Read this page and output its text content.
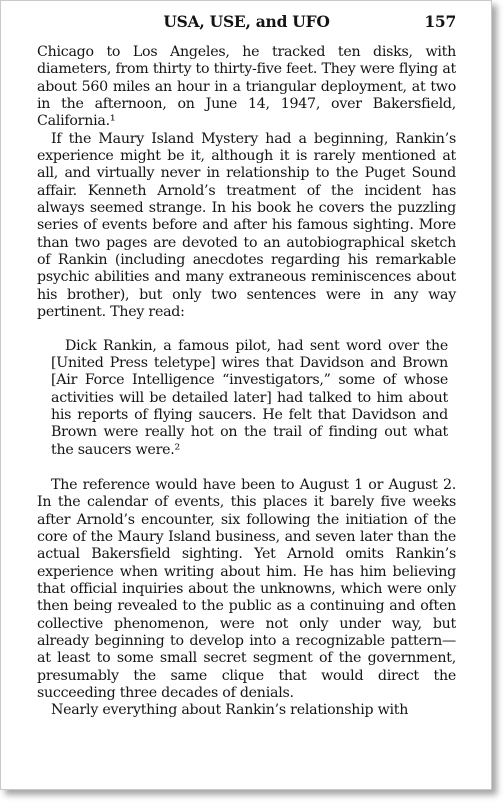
USA, USE, and UFO	157

Chicago to Los Angeles, he tracked ten disks, with diameters, from thirty to thirty-five feet. They were flying at about 560 miles an hour in a triangular deployment, at two in the afternoon, on June 14, 1947, over Bakersfield, California.¹

If the Maury Island Mystery had a beginning, Rankin’s experience might be it, although it is rarely mentioned at all, and virtually never in relationship to the Puget Sound affair. Kenneth Arnold’s treatment of the incident has always seemed strange. In his book he covers the puzzling series of events before and after his famous sighting. More than two pages are devoted to an autobiographical sketch of Rankin (including anecdotes regarding his remarkable psychic abilities and many extraneous reminiscences about his brother), but only two sentences were in any way pertinent. They read:

Dick Rankin, a famous pilot, had sent word over the [United Press teletype] wires that Davidson and Brown [Air Force Intelligence “investigators,” some of whose activities will be detailed later] had talked to him about his reports of flying saucers. He felt that Davidson and Brown were really hot on the trail of finding out what the saucers were.²

The reference would have been to August 1 or August 2. In the calendar of events, this places it barely five weeks after Arnold’s encounter, six following the initiation of the core of the Maury Island business, and seven later than the actual Bakersfield sighting. Yet Arnold omits Rankin’s experience when writing about him. He has him believing that official inquiries about the unknowns, which were only then being revealed to the public as a continuing and often collective phenomenon, were not only under way, but already beginning to develop into a recognizable pattern—at least to some small secret segment of the government, presumably the same clique that would direct the succeeding three decades of denials.

Nearly everything about Rankin’s relationship with
